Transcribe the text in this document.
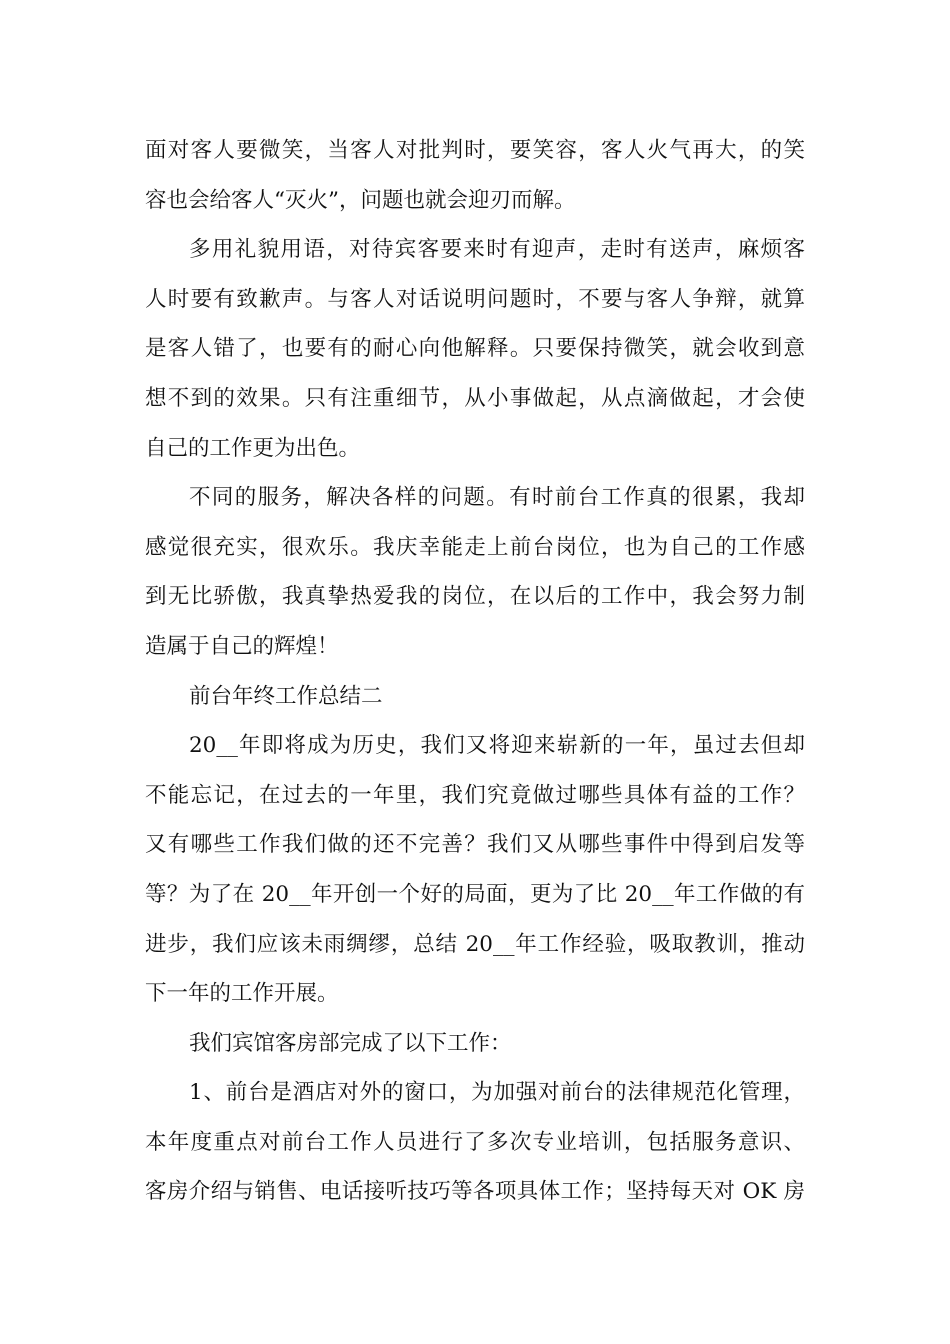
面对客人要微笑，当客人对批判时，要笑容，客人火气再大，的笑
容也会给客人“灭火”，问题也就会迎刃而解。

多用礼貌用语，对待宾客要来时有迎声，走时有送声，麻烦客
人时要有致歉声。与客人对话说明问题时，不要与客人争辩，就算
是客人错了，也要有的耐心向他解释。只要保持微笑，就会收到意
想不到的效果。只有注重细节，从小事做起，从点滴做起，才会使
自己的工作更为出色。

不同的服务，解决各样的问题。有时前台工作真的很累，我却
感觉很充实，很欢乐。我庆幸能走上前台岗位，也为自己的工作感
到无比骄傲，我真挚热爱我的岗位，在以后的工作中，我会努力制
造属于自己的辉煌！

前台年终工作总结二

20__年即将成为历史，我们又将迎来崭新的一年，虽过去但却
不能忘记，在过去的一年里，我们究竟做过哪些具体有益的工作？
又有哪些工作我们做的还不完善？我们又从哪些事件中得到启发等
等？为了在 20__年开创一个好的局面，更为了比 20__年工作做的有
进步，我们应该未雨绸缪，总结 20__年工作经验，吸取教训，推动
下一年的工作开展。

我们宾馆客房部完成了以下工作：

1、前台是酒店对外的窗口，为加强对前台的法律规范化管理，
本年度重点对前台工作人员进行了多次专业培训，包括服务意识、
客房介绍与销售、电话接听技巧等各项具体工作；坚持每天对 OK 房
